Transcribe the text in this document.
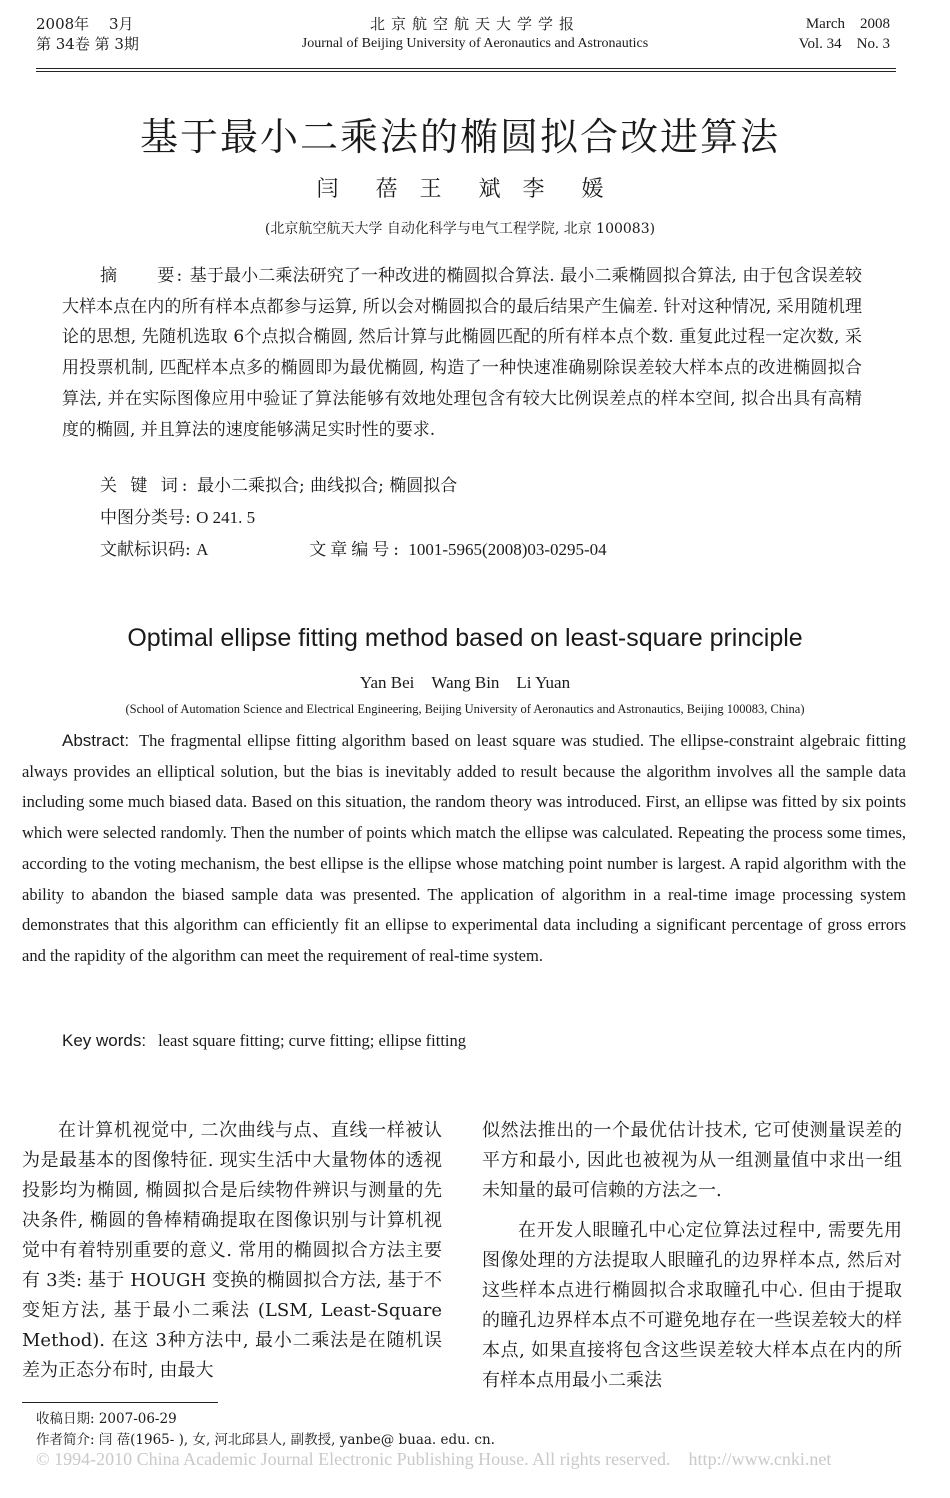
2008年　 3月
第 34卷 第 3期
北京航空航天大学学报
Journal of Beijing University of Aeronautics and Astronautics
March　2008
Vol. 34　No. 3
基于最小二乘法的椭圆拟合改进算法
闫 蓓　王 斌　李 媛
(北京航空航天大学 自动化科学与电气工程学院, 北京 100083)
摘　　要: 基于最小二乘法研究了一种改进的椭圆拟合算法. 最小二乘椭圆拟合算法, 由于包含误差较大样本点在内的所有样本点都参与运算, 所以会对椭圆拟合的最后结果产生偏差. 针对这种情况, 采用随机理论的思想, 先随机选取 6个点拟合椭圆, 然后计算与此椭圆匹配的所有样本点个数. 重复此过程一定次数, 采用投票机制, 匹配样本点多的椭圆即为最优椭圆, 构造了一种快速准确剔除误差较大样本点的改进椭圆拟合算法, 并在实际图像应用中验证了算法能够有效地处理包含有较大比例误差点的样本空间, 拟合出具有高精度的椭圆, 并且算法的速度能够满足实时性的要求.
关 键 词: 最小二乘拟合; 曲线拟合; 椭圆拟合
中图分类号: O 241. 5
文献标识码: A	文章编号: 1001-5965(2008)03-0295-04
Optimal ellipse fitting method based on least-square principle
Yan Bei　Wang Bin　Li Yuan
(School of Automation Science and Electrical Engineering, Beijing University of Aeronautics and Astronautics, Beijing 100083, China)
Abstract: The fragmental ellipse fitting algorithm based on least square was studied. The ellipse-constraint algebraic fitting always provides an elliptical solution, but the bias is inevitably added to result because the algorithm involves all the sample data including some much biased data. Based on this situation, the random theory was introduced. First, an ellipse was fitted by six points which were selected randomly. Then the number of points which match the ellipse was calculated. Repeating the process some times, according to the voting mechanism, the best ellipse is the ellipse whose matching point number is largest. A rapid algorithm with the ability to abandon the biased sample data was presented. The application of algorithm in a real-time image processing system demonstrates that this algorithm can efficiently fit an ellipse to experimental data including a significant percentage of gross errors and the rapidity of the algorithm can meet the requirement of real-time system.
Key words: least square fitting; curve fitting; ellipse fitting

在计算机视觉中, 二次曲线与点、直线一样被认为是最基本的图像特征. 现实生活中大量物体的透视投影均为椭圆, 椭圆拟合是后续物件辨识与测量的先决条件, 椭圆的鲁棒精确提取在图像识别与计算机视觉中有着特别重要的意义. 常用的椭圆拟合方法主要有 3类: 基于 HOUGH 变换的椭圆拟合方法, 基于不变矩方法, 基于最小二乘法 (LSM, Least-Square Method). 在这 3种方法中, 最小二乘法是在随机误差为正态分布时, 由最大

似然法推出的一个最优估计技术, 它可使测量误差的平方和最小, 因此也被视为从一组测量值中求出一组未知量的最可信赖的方法之一.

在开发人眼瞳孔中心定位算法过程中, 需要先用图像处理的方法提取人眼瞳孔的边界样本点, 然后对这些样本点进行椭圆拟合求取瞳孔中心. 但由于提取的瞳孔边界样本点不可避免地存在一些误差较大的样本点, 如果直接将包含这些误差较大样本点在内的所有样本点用最小二乘法

收稿日期: 2007-06-29
作者简介: 闫 蓓(1965- ), 女, 河北邱县人, 副教授, yanbe@ buaa. edu. cn.
© 1994-2010 China Academic Journal Electronic Publishing House. All rights reserved.　http://www.cnki.net
